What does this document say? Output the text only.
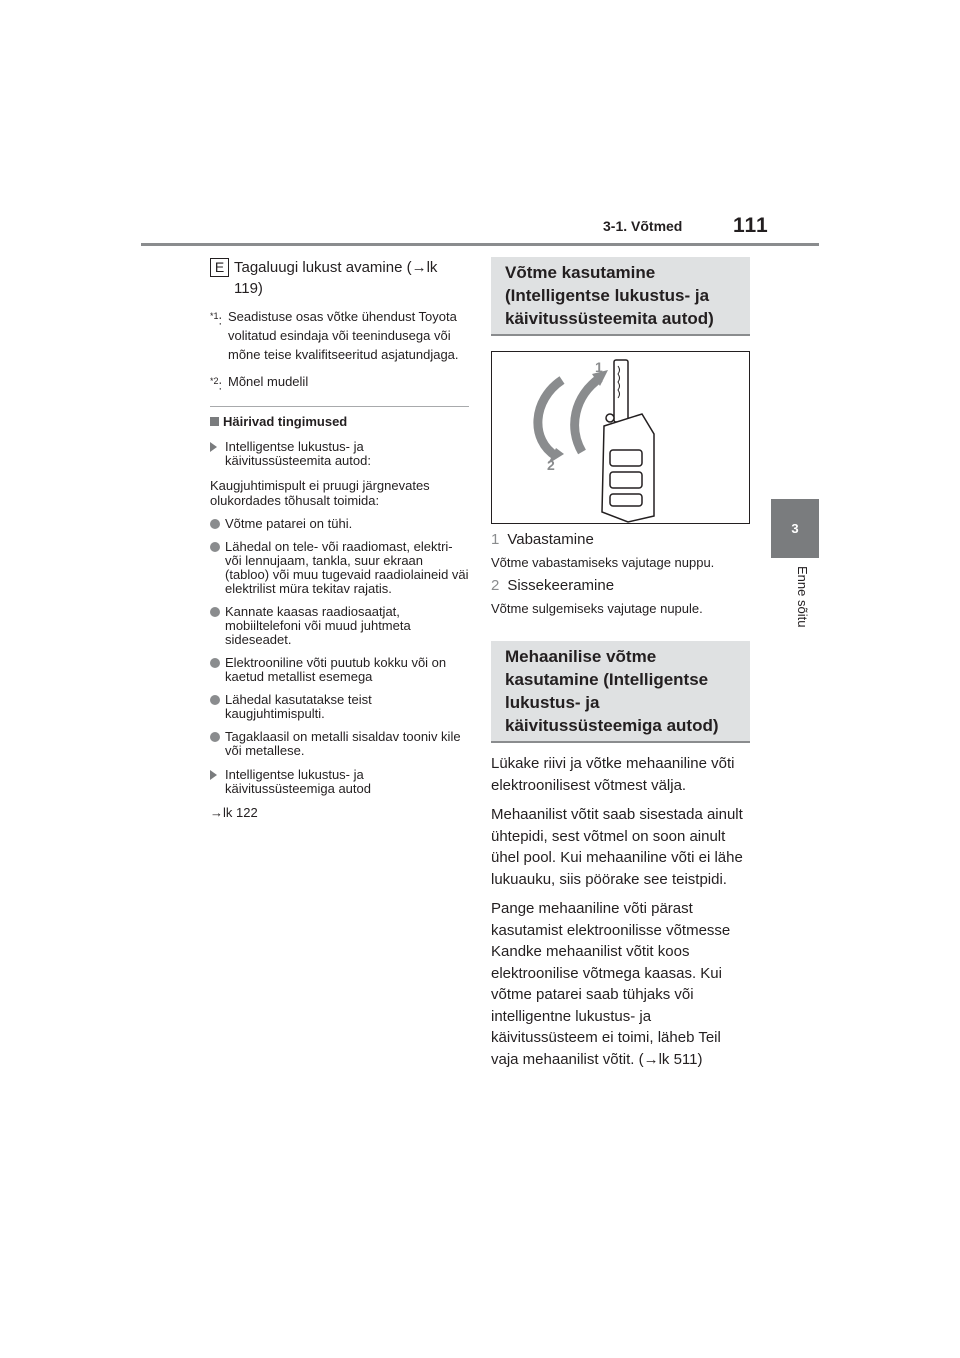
3-1. Võtmed 111
3
Enne sõitu
E Tagaluugi lukust avamine (→lk 119)
$^{*1}$: Seadistuse osas võtke ühendust Toyota volitatud esindaja või teenindusega või mõne teise kvalifitseeritud asjatundjaga.
$^{*2}$: Mõnel mudelil
Häirivad tingimused
Intelligentse lukustus- ja käivitussüsteemita autod:
Kaugjuhtimispult ei pruugi järgnevates olukordades tõhusalt toimida:
Võtme patarei on tühi.
Lähedal on tele- või raadiomast, elektri- või lennujaam, tankla, suur ekraan (tabloo) või muu tugevaid raadiolaineid väi elektrilist müra tekitav rajatis.
Kannate kaasas raadiosaatjat, mobiiltelefoni või muud juhtmeta sideseadet.
Elektrooniline võti puutub kokku või on kaetud metallist esemega
Lähedal kasutatakse teist kaugjuhtimispulti.
Tagaklaasil on metalli sisaldav tooniv kile või metallese.
Intelligentse lukustus- ja käivitussüsteemiga autod
→lk 122
Võtme kasutamine (Intelligentse lukustus- ja käivitussüsteemita autod)
1
2
1 Vabastamine
Võtme vabastamiseks vajutage nuppu.
2 Sissekeeramine
Võtme sulgemiseks vajutage nupule.
Mehaanilise võtme kasutamine (Intelligentse lukustus- ja käivitussüsteemiga autod)
Lükake riivi ja võtke mehaaniline võti elektroonilisest võtmest välja.
Mehaanilist võtit saab sisestada ainult ühtepidi, sest võtmel on soon ainult ühel pool. Kui mehaaniline võti ei lähe lukuauku, siis pöörake see teistpidi.
Pange mehaaniline võti pärast kasutamist elektroonilisse võtmesse Kandke mehaanilist võtit koos elektroonilise võtmega kaasas. Kui võtme patarei saab tühjaks või intelligentne lukustus- ja käivitussüsteem ei toimi, läheb Teil vaja mehaanilist võtit. (→lk 511)
